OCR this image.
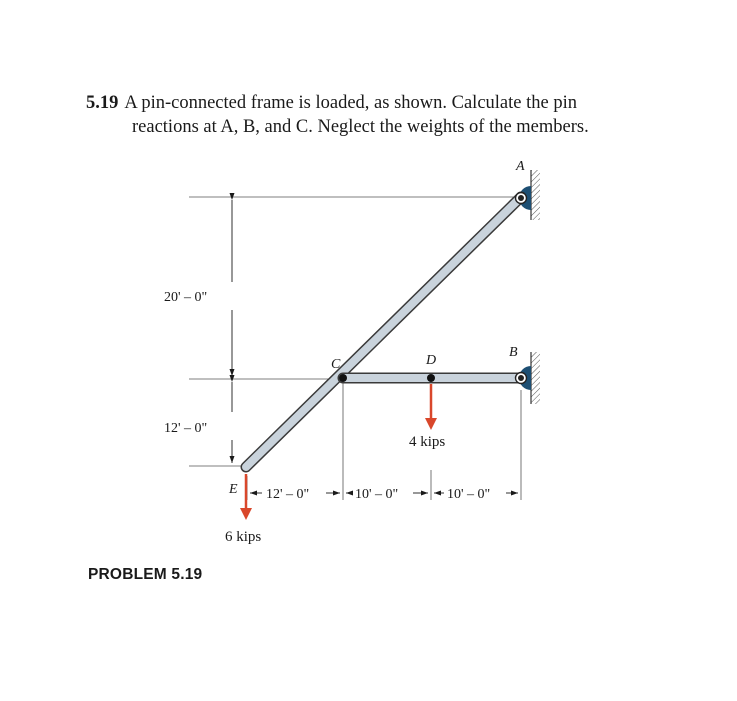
5.19 A pin-connected frame is loaded, as shown. Calculate the pin
reactions at A, B, and C. Neglect the weights of the members.
20' – 0"
12' – 0"
12' – 0"	10' – 0"	10' – 0"
4 kips
6 kips
A
B
C	D
E
PROBLEM 5.19
